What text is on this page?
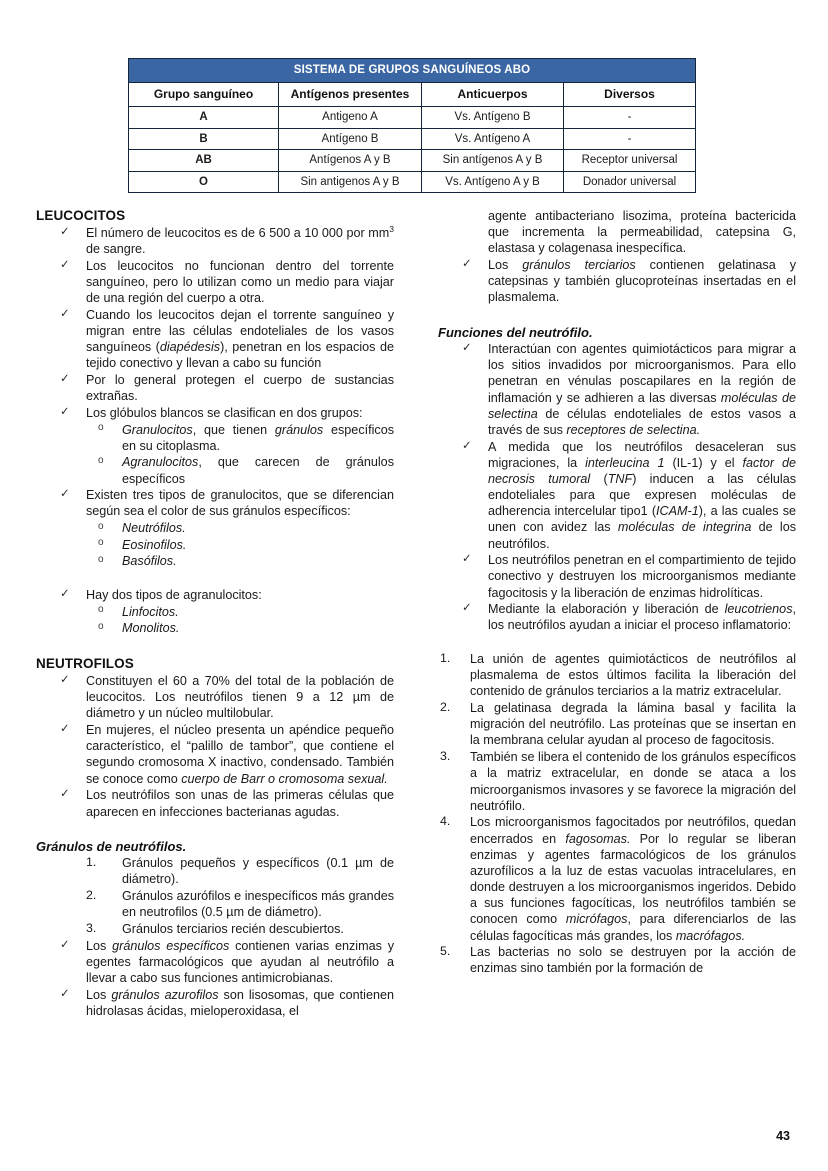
SISTEMA DE GRUPOS SANGUÍNEOS ABO			
Grupo sanguíneo	Antígenos presentes	Anticuerpos	Diversos
A	Antigeno A	Vs. Antígeno B	-
B	Antígeno B	Vs. Antígeno A	-
AB	Antígenos A y B	Sin antígenos A y B	Receptor universal
O	Sin antigenos A y B	Vs. Antígeno A y B	Donador universal
LEUCOCITOS
✓ El número de leucocitos es de 6 500 a 10 000 por $mm^3$ de sangre.
✓ Los leucocitos no funcionan dentro del torrente sanguíneo, pero lo utilizan como un medio para viajar de una región del cuerpo a otra.
✓ Cuando los leucocitos dejan el torrente sanguíneo y migran entre las células endoteliales de los vasos sanguíneos (diapédesis), penetran en los espacios de tejido conectivo y llevan a cabo su función
✓ Por lo general protegen el cuerpo de sustancias extrañas.
✓ Los glóbulos blancos se clasifican en dos grupos:
o Granulocitos, que tienen gránulos específicos en su citoplasma.
o Agranulocitos, que carecen de gránulos específicos
✓ Existen tres tipos de granulocitos, que se diferencian según sea el color de sus gránulos específicos:
o Neutrófilos.
o Eosinofilos.
o Basófilos.
✓ Hay dos tipos de agranulocitos:
o Linfocitos.
o Monolitos.
NEUTROFILOS
✓ Constituyen el 60 a 70% del total de la población de leucocitos. Los neutrófilos tienen 9 a 12 µm de diámetro y un núcleo multilobular.
✓ En mujeres, el núcleo presenta un apéndice pequeño característico, el “palillo de tambor”, que contiene el segundo cromosoma X inactivo, condensado. También se conoce como cuerpo de Barr o cromosoma sexual.
✓ Los neutrófilos son unas de las primeras células que aparecen en infecciones bacterianas agudas.
Gránulos de neutrófilos.
1. Gránulos pequeños y específicos (0.1 µm de diámetro).
2. Gránulos azurófilos e inespecíficos más grandes en neutrofilos (0.5 µm de diámetro).
3. Gránulos terciarios recién descubiertos.
✓ Los gránulos específicos contienen varias enzimas y egentes farmacológicos que ayudan al neutrófilo a llevar a cabo sus funciones antimicrobianas.
✓ Los gránulos azurofilos son lisosomas, que contienen hidrolasas ácidas, mieloperoxidasa, el
agente antibacteriano lisozima, proteína bactericida que incrementa la permeabilidad, catepsina G, elastasa y colagenasa inespecífica.
✓ Los gránulos terciarios contienen gelatinasa y catepsinas y también glucoproteínas insertadas en el plasmalema.
Funciones del neutrófilo.
✓ Interactúan con agentes quimiotácticos para migrar a los sitios invadidos por microorganismos. Para ello penetran en vénulas poscapilares en la región de inflamación y se adhieren a las diversas moléculas de selectina de células endoteliales de estos vasos a través de sus receptores de selectina.
✓ A medida que los neutrófilos desaceleran sus migraciones, la interleucina 1 (IL-1) y el factor de necrosis tumoral (TNF) inducen a las células endoteliales para que expresen moléculas de adherencia intercelular tipo1 (ICAM-1), a las cuales se unen con avidez las moléculas de integrina de los neutrófilos.
✓ Los neutrófilos penetran en el compartimiento de tejido conectivo y destruyen los microorganismos mediante fagocitosis y la liberación de enzimas hidrolíticas.
✓ Mediante la elaboración y liberación de leucotrienos, los neutrófilos ayudan a iniciar el proceso inflamatorio:
1. La unión de agentes quimiotácticos de neutrófilos al plasmalema de estos últimos facilita la liberación del contenido de gránulos terciarios a la matriz extracelular.
2. La gelatinasa degrada la lámina basal y facilita la migración del neutrófilo. Las proteínas que se insertan en la membrana celular ayudan al proceso de fagocitosis.
3. También se libera el contenido de los gránulos específicos a la matriz extracelular, en donde se ataca a los microorganismos invasores y se favorece la migración del neutrófilo.
4. Los microorganismos fagocitados por neutrófilos, quedan encerrados en fagosomas. Por lo regular se liberan enzimas y agentes farmacológicos de los gránulos azurofílicos a la luz de estas vacuolas intracelulares, en donde destruyen a los microorganismos ingeridos. Debido a sus funciones fagocíticas, los neutrófilos también se conocen como micrófagos, para diferenciarlos de las células fagocíticas más grandes, los macrófagos.
5. Las bacterias no solo se destruyen por la acción de enzimas sino también por la formación de
43
